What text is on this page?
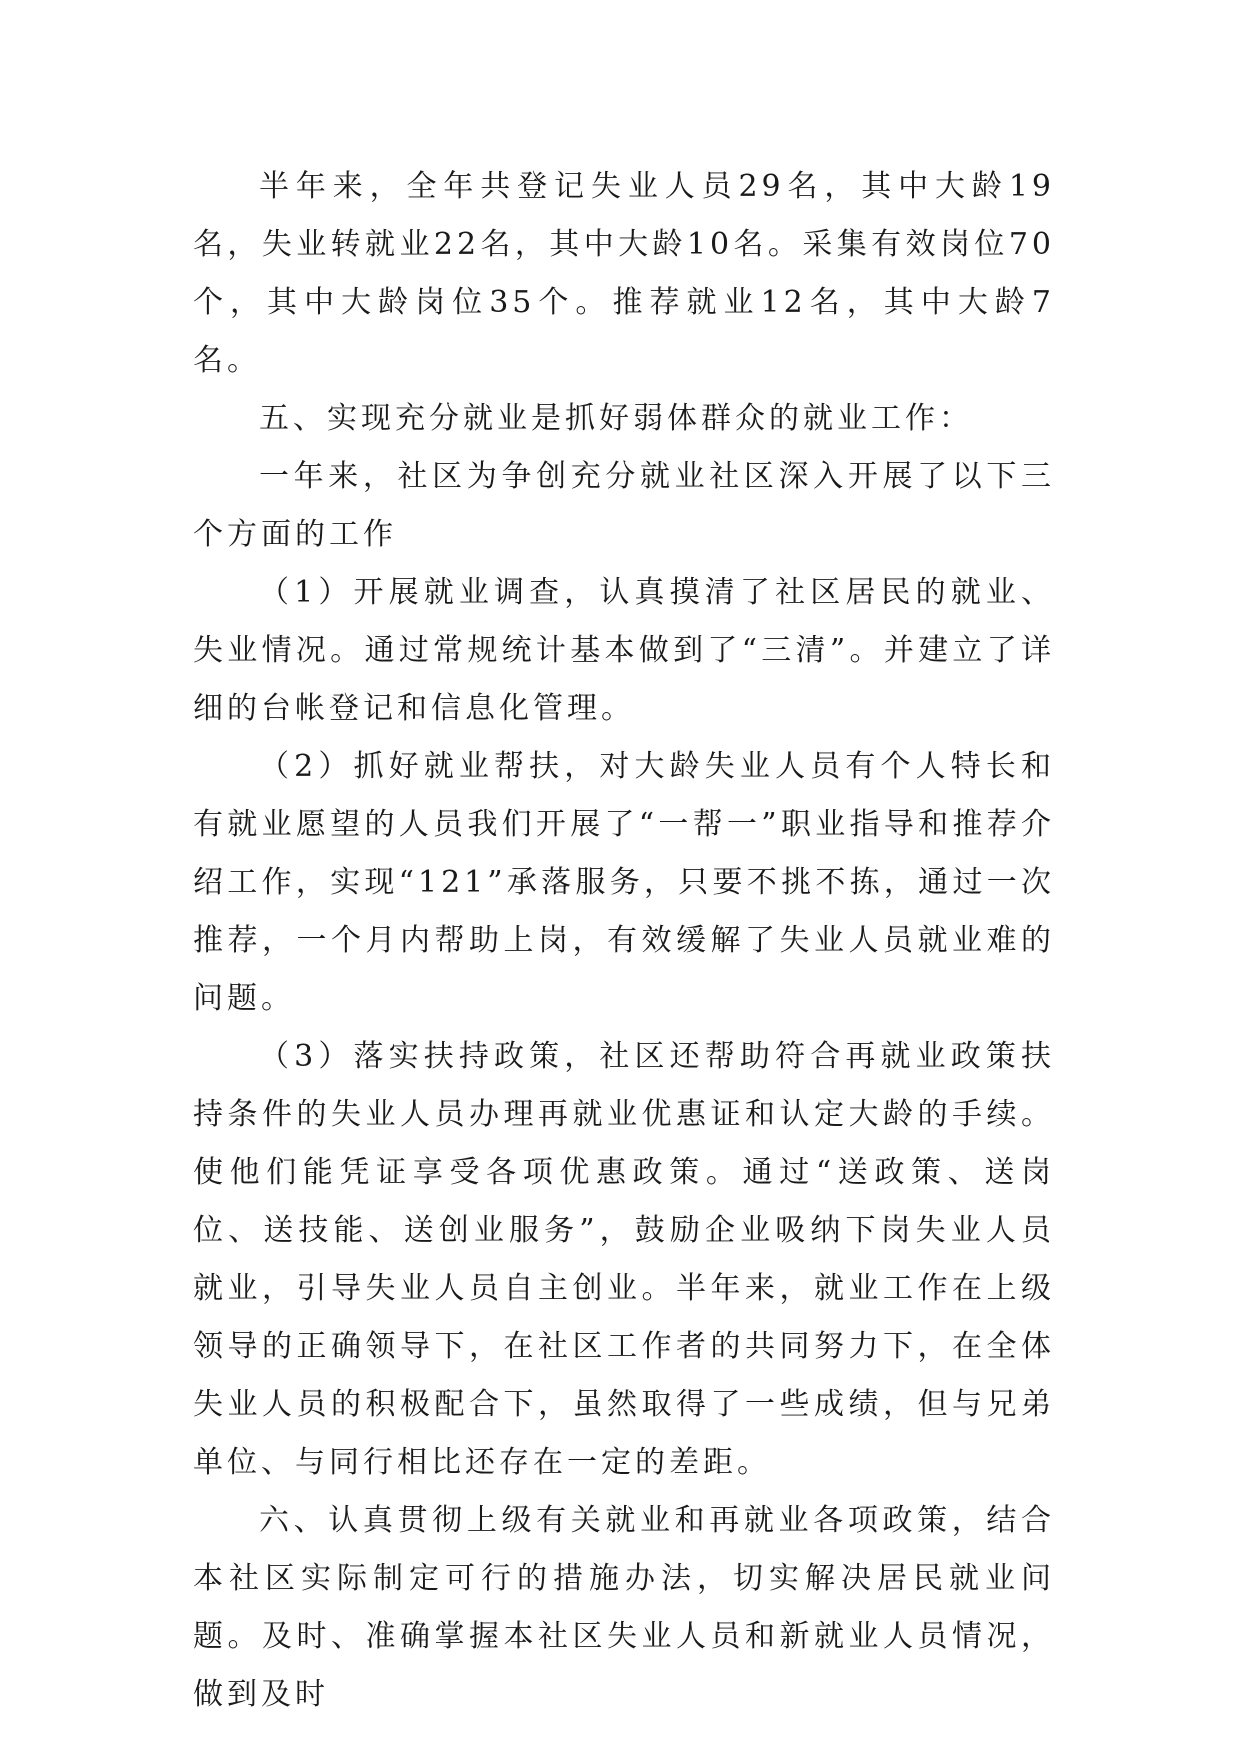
半年来，全年共登记失业人员29名，其中大龄19名，失业转就业22名，其中大龄10名。采集有效岗位70个，其中大龄岗位35个。推荐就业12名，其中大龄7名。

五、实现充分就业是抓好弱体群众的就业工作：

一年来，社区为争创充分就业社区深入开展了以下三个方面的工作

（1）开展就业调查，认真摸清了社区居民的就业、失业情况。通过常规统计基本做到了“三清”。并建立了详细的台帐登记和信息化管理。

（2）抓好就业帮扶，对大龄失业人员有个人特长和有就业愿望的人员我们开展了“一帮一”职业指导和推荐介绍工作，实现“121”承落服务，只要不挑不拣，通过一次推荐，一个月内帮助上岗，有效缓解了失业人员就业难的问题。

（3）落实扶持政策，社区还帮助符合再就业政策扶持条件的失业人员办理再就业优惠证和认定大龄的手续。使他们能凭证享受各项优惠政策。通过“送政策、送岗位、送技能、送创业服务”，鼓励企业吸纳下岗失业人员就业，引导失业人员自主创业。半年来，就业工作在上级领导的正确领导下，在社区工作者的共同努力下，在全体失业人员的积极配合下，虽然取得了一些成绩，但与兄弟单位、与同行相比还存在一定的差距。

六、认真贯彻上级有关就业和再就业各项政策，结合本社区实际制定可行的措施办法，切实解决居民就业问题。及时、准确掌握本社区失业人员和新就业人员情况，做到及时
